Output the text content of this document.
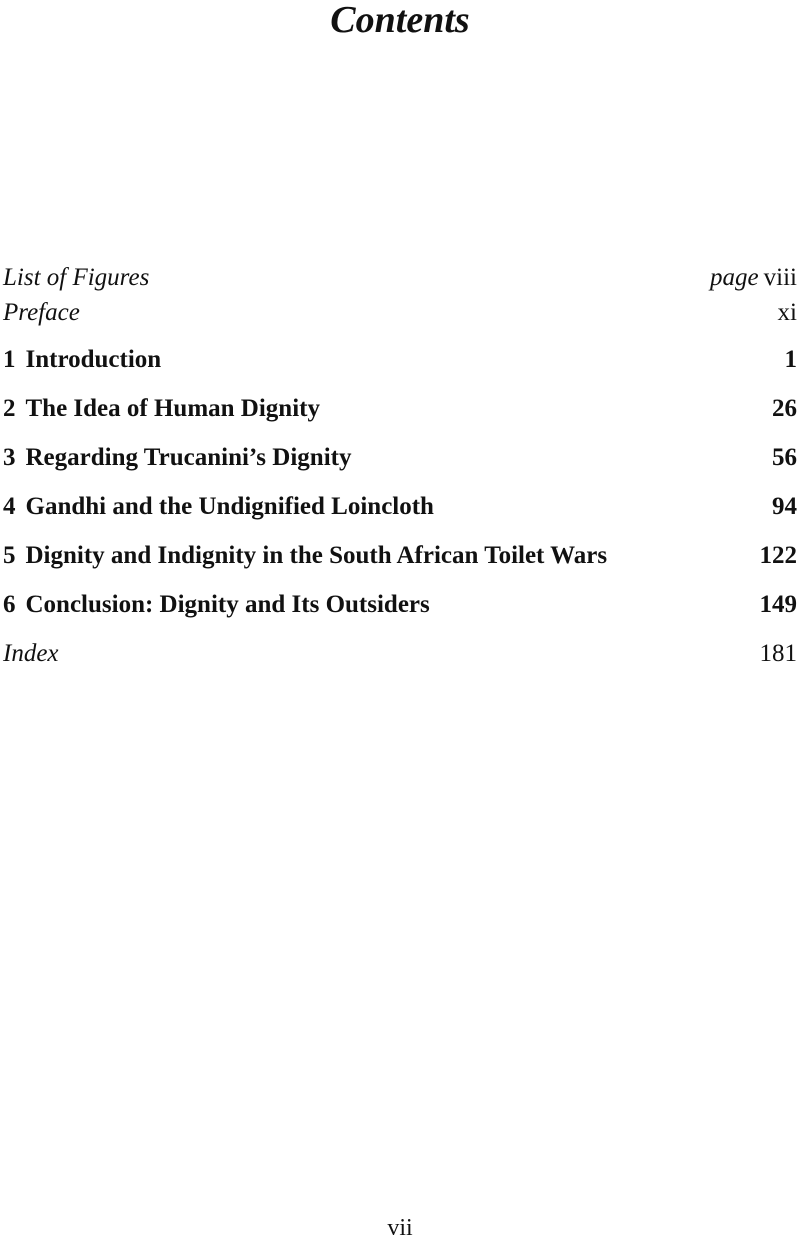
Contents
List of Figures	page viii
Preface	xi
1 Introduction	1
2 The Idea of Human Dignity	26
3 Regarding Trucanini’s Dignity	56
4 Gandhi and the Undignified Loincloth	94
5 Dignity and Indignity in the South African Toilet Wars	122
6 Conclusion: Dignity and Its Outsiders	149
Index	181
vii
